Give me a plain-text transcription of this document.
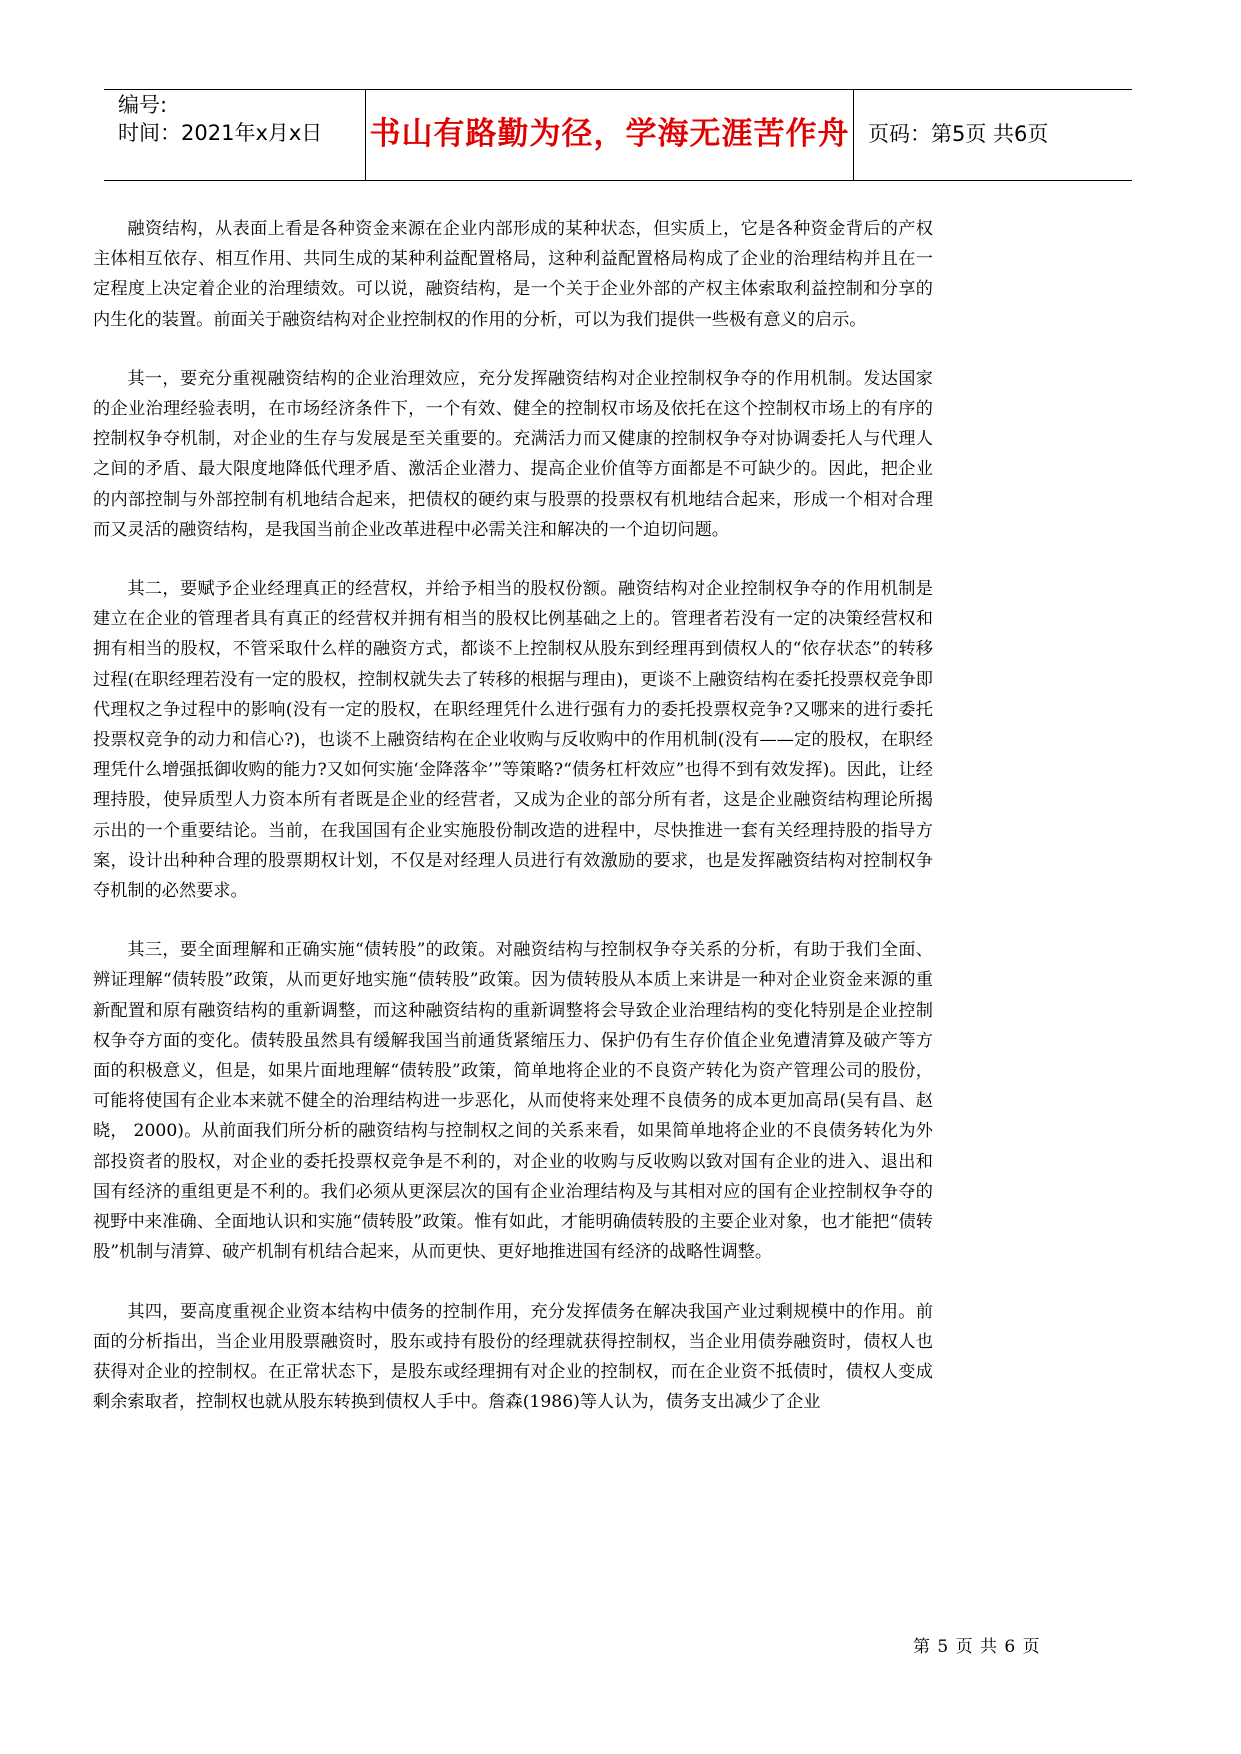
编号:
时间：2021年x月x日 书山有路勤为径，学海无涯苦作舟 页码：第5页 共6页

融资结构，从表面上看是各种资金来源在企业内部形成的某种状态，但实质上，它是各种资金背后的产权主体相互依存、相互作用、共同生成的某种利益配置格局，这种利益配置格局构成了企业的治理结构并且在一定程度上决定着企业的治理绩效。可以说，融资结构，是一个关于企业外部的产权主体索取利益控制和分享的内生化的装置。前面关于融资结构对企业控制权的作用的分析，可以为我们提供一些极有意义的启示。

其一，要充分重视融资结构的企业治理效应，充分发挥融资结构对企业控制权争夺的作用机制。发达国家的企业治理经验表明，在市场经济条件下，一个有效、健全的控制权市场及依托在这个控制权市场上的有序的控制权争夺机制，对企业的生存与发展是至关重要的。充满活力而又健康的控制权争夺对协调委托人与代理人之间的矛盾、最大限度地降低代理矛盾、激活企业潜力、提高企业价值等方面都是不可缺少的。因此，把企业的内部控制与外部控制有机地结合起来，把债权的硬约束与股票的投票权有机地结合起来，形成一个相对合理而又灵活的融资结构，是我国当前企业改革进程中必需关注和解决的一个迫切问题。

其二，要赋予企业经理真正的经营权，并给予相当的股权份额。融资结构对企业控制权争夺的作用机制是建立在企业的管理者具有真正的经营权并拥有相当的股权比例基础之上的。管理者若没有一定的决策经营权和拥有相当的股权，不管采取什么样的融资方式，都谈不上控制权从股东到经理再到债权人的“依存状态”的转移过程(在职经理若没有一定的股权，控制权就失去了转移的根据与理由)，更谈不上融资结构在委托投票权竞争即代理权之争过程中的影响(没有一定的股权，在职经理凭什么进行强有力的委托投票权竞争?又哪来的进行委托投票权竞争的动力和信心?)，也谈不上融资结构在企业收购与反收购中的作用机制(没有——定的股权，在职经理凭什么增强抵御收购的能力?又如何实施‘金降落伞’”等策略?“债务杠杆效应”也得不到有效发挥)。因此，让经理持股，使异质型人力资本所有者既是企业的经营者，又成为企业的部分所有者，这是企业融资结构理论所揭示出的一个重要结论。当前，在我国国有企业实施股份制改造的进程中，尽快推进一套有关经理持股的指导方案，设计出种种合理的股票期权计划，不仅是对经理人员进行有效激励的要求，也是发挥融资结构对控制权争夺机制的必然要求。

其三，要全面理解和正确实施“债转股”的政策。对融资结构与控制权争夺关系的分析，有助于我们全面、辨证理解“债转股”政策，从而更好地实施“债转股”政策。因为债转股从本质上来讲是一种对企业资金来源的重新配置和原有融资结构的重新调整，而这种融资结构的重新调整将会导致企业治理结构的变化特别是企业控制权争夺方面的变化。债转股虽然具有缓解我国当前通货紧缩压力、保护仍有生存价值企业免遭清算及破产等方面的积极意义，但是，如果片面地理解“债转股”政策，简单地将企业的不良资产转化为资产管理公司的股份，可能将使国有企业本来就不健全的治理结构进一步恶化，从而使将来处理不良债务的成本更加高昂(吴有昌、赵晓， 2000)。从前面我们所分析的融资结构与控制权之间的关系来看，如果简单地将企业的不良债务转化为外部投资者的股权，对企业的委托投票权竞争是不利的，对企业的收购与反收购以致对国有企业的进入、退出和国有经济的重组更是不利的。我们必须从更深层次的国有企业治理结构及与其相对应的国有企业控制权争夺的视野中来准确、全面地认识和实施“债转股”政策。惟有如此，才能明确债转股的主要企业对象，也才能把“债转股”机制与清算、破产机制有机结合起来，从而更快、更好地推进国有经济的战略性调整。

其四，要高度重视企业资本结构中债务的控制作用，充分发挥债务在解决我国产业过剩规模中的作用。前面的分析指出，当企业用股票融资时，股东或持有股份的经理就获得控制权，当企业用债券融资时，债权人也获得对企业的控制权。在正常状态下，是股东或经理拥有对企业的控制权，而在企业资不抵债时，债权人变成剩余索取者，控制权也就从股东转换到债权人手中。詹森(1986)等人认为，债务支出减少了企业

第 5 页 共 6 页
